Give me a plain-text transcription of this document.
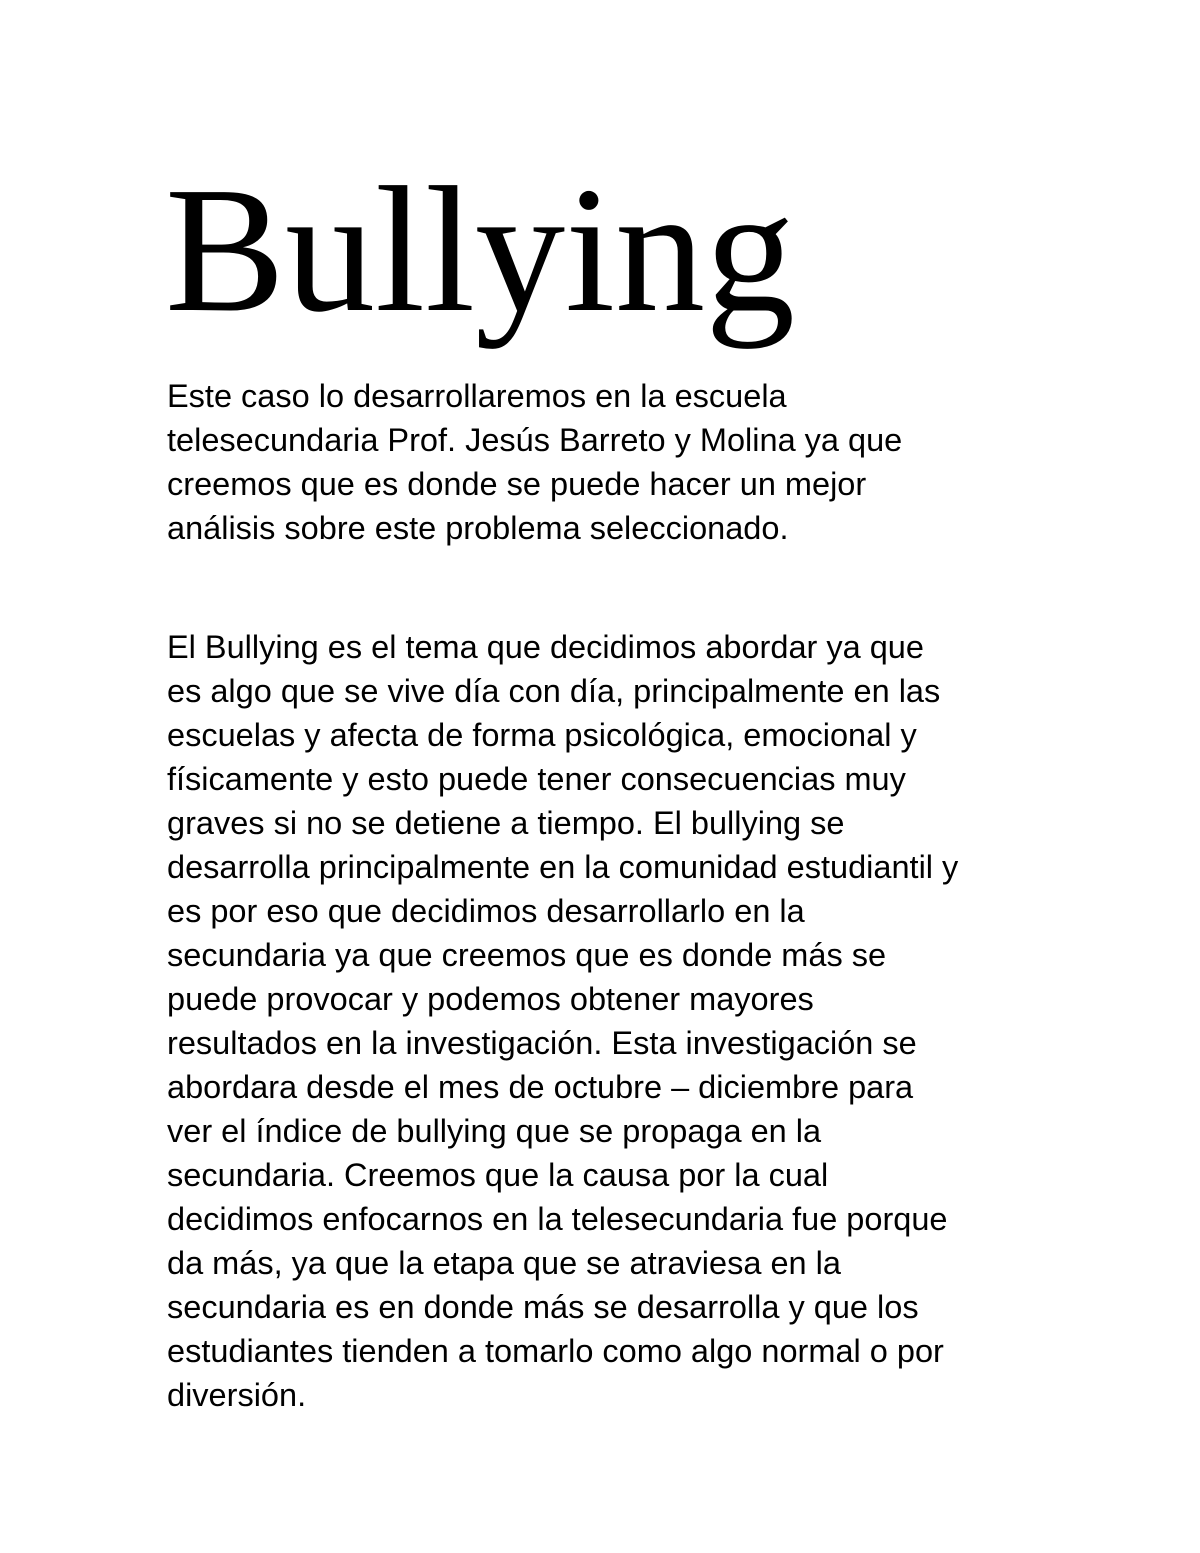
Bullying

Este caso lo desarrollaremos en la escuela
telesecundaria Prof. Jesús Barreto y Molina ya que
creemos que es donde se puede hacer un mejor
análisis sobre este problema seleccionado.

El Bullying es el tema que decidimos abordar ya que
es algo que se vive día con día, principalmente en las
escuelas y afecta de forma psicológica, emocional y
físicamente y esto puede tener consecuencias muy
graves si no se detiene a tiempo. El bullying se
desarrolla principalmente en la comunidad estudiantil y
es por eso que decidimos desarrollarlo en la
secundaria ya que creemos que es donde más se
puede provocar y podemos obtener mayores
resultados en la investigación. Esta investigación se
abordara desde el mes de octubre – diciembre para
ver el índice de bullying que se propaga en la
secundaria. Creemos que la causa por la cual
decidimos enfocarnos en la telesecundaria fue porque
da más, ya que la etapa que se atraviesa en la
secundaria es en donde más se desarrolla y que los
estudiantes tienden a tomarlo como algo normal o por
diversión.
